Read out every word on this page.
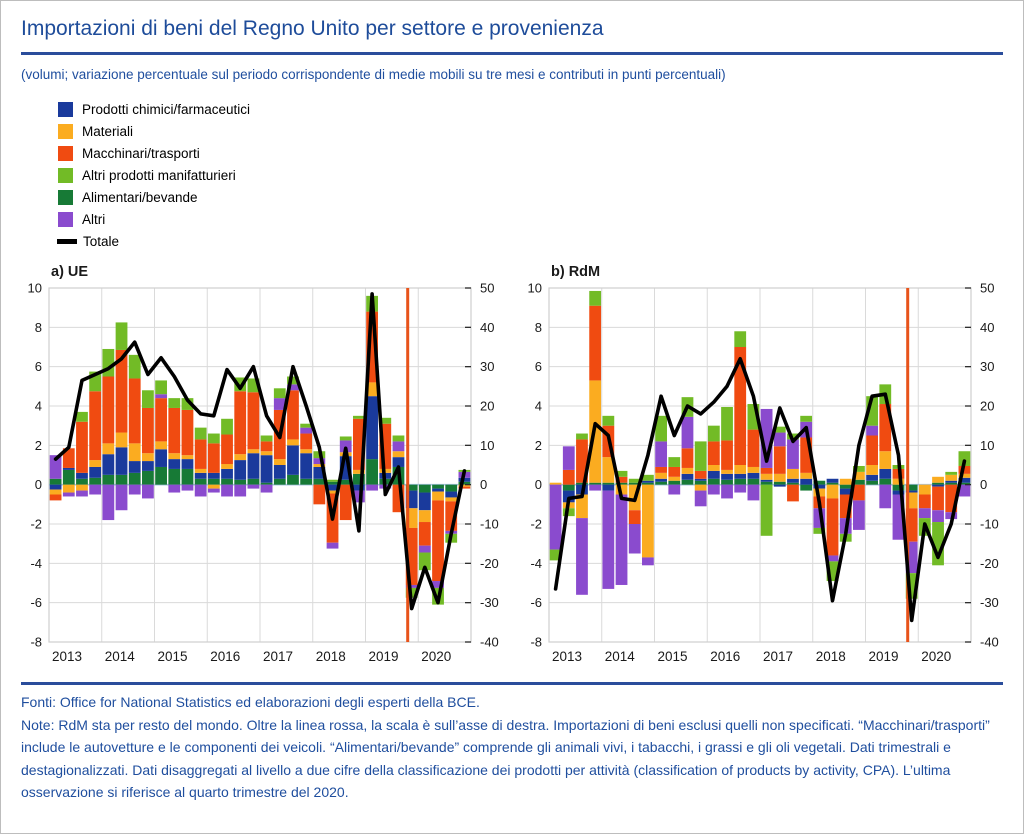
Importazioni di beni del Regno Unito per settore e provenienza

(volumi; variazione percentuale sul periodo corrispondente di medie mobili su tre mesi e contributi in punti percentuali)

Prodotti chimici/farmaceutici
Materiali
Macchinari/trasporti
Altri prodotti manifatturieri
Alimentari/bevande
Altri
Totale
10	50
8	40
6	30
4	20
2	10
0	0
-2	-10
-4	-20
-6	-30
-8	-40
2013 2014 2015 2016 2017 2018 2019 2020
a) UE
10	50
8	40
6	30
4	20
2	10
0	0
-2	-10
-4	-20
-6	-30
-8	-40
2013 2014 2015 2016 2017 2018 2019 2020
b) RdM

Fonti: Office for National Statistics ed elaborazioni degli esperti della BCE.

Note: RdM sta per resto del mondo. Oltre la linea rossa, la scala è sull’asse di destra. Importazioni di beni esclusi quelli non specificati. “Macchinari/trasporti” include le autovetture e le componenti dei veicoli. “Alimentari/bevande” comprende gli animali vivi, i tabacchi, i grassi e gli oli vegetali. Dati trimestrali e destagionalizzati. Dati disaggregati al livello a due cifre della classificazione dei prodotti per attività (classification of products by activity, CPA). L’ultima osservazione si riferisce al quarto trimestre del 2020.
